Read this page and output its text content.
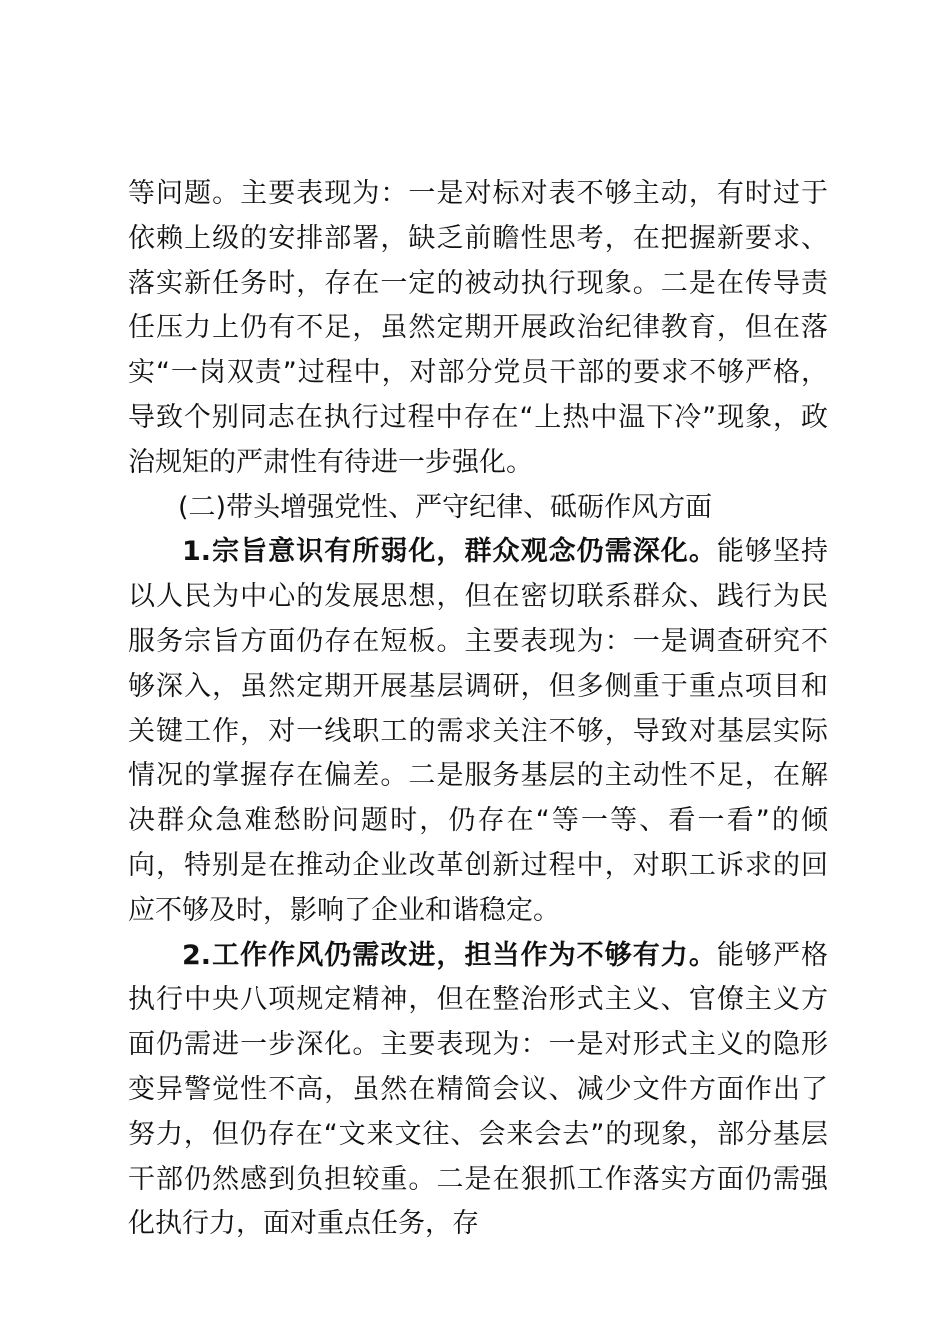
等问题。主要表现为：一是对标对表不够主动，有时过于依赖上级的安排部署，缺乏前瞻性思考，在把握新要求、落实新任务时，存在一定的被动执行现象。二是在传导责任压力上仍有不足，虽然定期开展政治纪律教育，但在落实“一岗双责”过程中，对部分党员干部的要求不够严格，导致个别同志在执行过程中存在“上热中温下冷”现象，政治规矩的严肃性有待进一步强化。

(二)带头增强党性、严守纪律、砥砺作风方面

1.宗旨意识有所弱化，群众观念仍需深化。能够坚持以人民为中心的发展思想，但在密切联系群众、践行为民服务宗旨方面仍存在短板。主要表现为：一是调查研究不够深入，虽然定期开展基层调研，但多侧重于重点项目和关键工作，对一线职工的需求关注不够，导致对基层实际情况的掌握存在偏差。二是服务基层的主动性不足，在解决群众急难愁盼问题时，仍存在“等一等、看一看”的倾向，特别是在推动企业改革创新过程中，对职工诉求的回应不够及时，影响了企业和谐稳定。

2.工作作风仍需改进，担当作为不够有力。能够严格执行中央八项规定精神，但在整治形式主义、官僚主义方面仍需进一步深化。主要表现为：一是对形式主义的隐形变异警觉性不高，虽然在精简会议、减少文件方面作出了努力，但仍存在“文来文往、会来会去”的现象，部分基层干部仍然感到负担较重。二是在狠抓工作落实方面仍需强化执行力，面对重点任务，存
